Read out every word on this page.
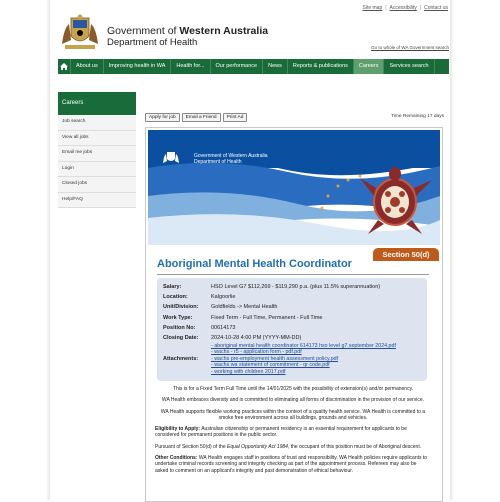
Site map | Accessibility | Contact us
Government of Western Australia
Department of Health	Go to whole of WA Government search
About us	Improving health in WA	Health for...	Our performance	News	Reports & publications	Careers	Services search
Careers
Job search
View all jobs
Email me jobs
Login
Closed jobs
Help/FAQ
Apply for job	Email a Friend	Print Ad	Time Remaining 17 days
Government of Western Australia
Department of Health
Section 50(d)
Aboriginal Mental Health Coordinator
Salary:	HSO Level G7 $112,269 - $119,290 p.a. (plus 11.5% superannuation)
Location:	Kalgoorlie
Unit/Division:	Goldfields -> Mental Health
Work Type:	Fixed Term - Full Time, Permanent - Full Time
Position No:	00614173
Closing Date:	2024-10-28 4:00 PM (YYYY-MM-DD)
Attachments:
- aboriginal mental health coordinator 614173 hso level g7 september 2024.pdf
- wachs - r5 - application form - pdf.pdf
- wachs pre-employment health assessment policy.pdf
- wachs wa statement of commitment - qr code.pdf
- working with children 2017.pdf

This is for a Fixed Term Full Time until the 14/01/2025 with the possibility of extension(s) and/or permanency.

WA Health embraces diversity and is committed to eliminating all forms of discrimination in the provision of our service.

WA Health supports flexible working practices within the context of a quality health service. WA Health is committed to a smoke free environment across all buildings, grounds and vehicles.

Eligibility to Apply: Australian citizenship or permanent residency is an essential requirement for applicants to be considered for permanent positions in the public sector.

Pursuant of Section 50(d) of the Equal Opportunity Act 1984, the occupant of this position must be of Aboriginal descent.

Other Conditions: WA Health engages staff in positions of trust and responsibility. WA Health policies require applicants to undertake criminal records screening and integrity checking as part of the appointment process. Referees may also be asked to comment on an applicant's integrity and past demonstration of ethical behaviour.
